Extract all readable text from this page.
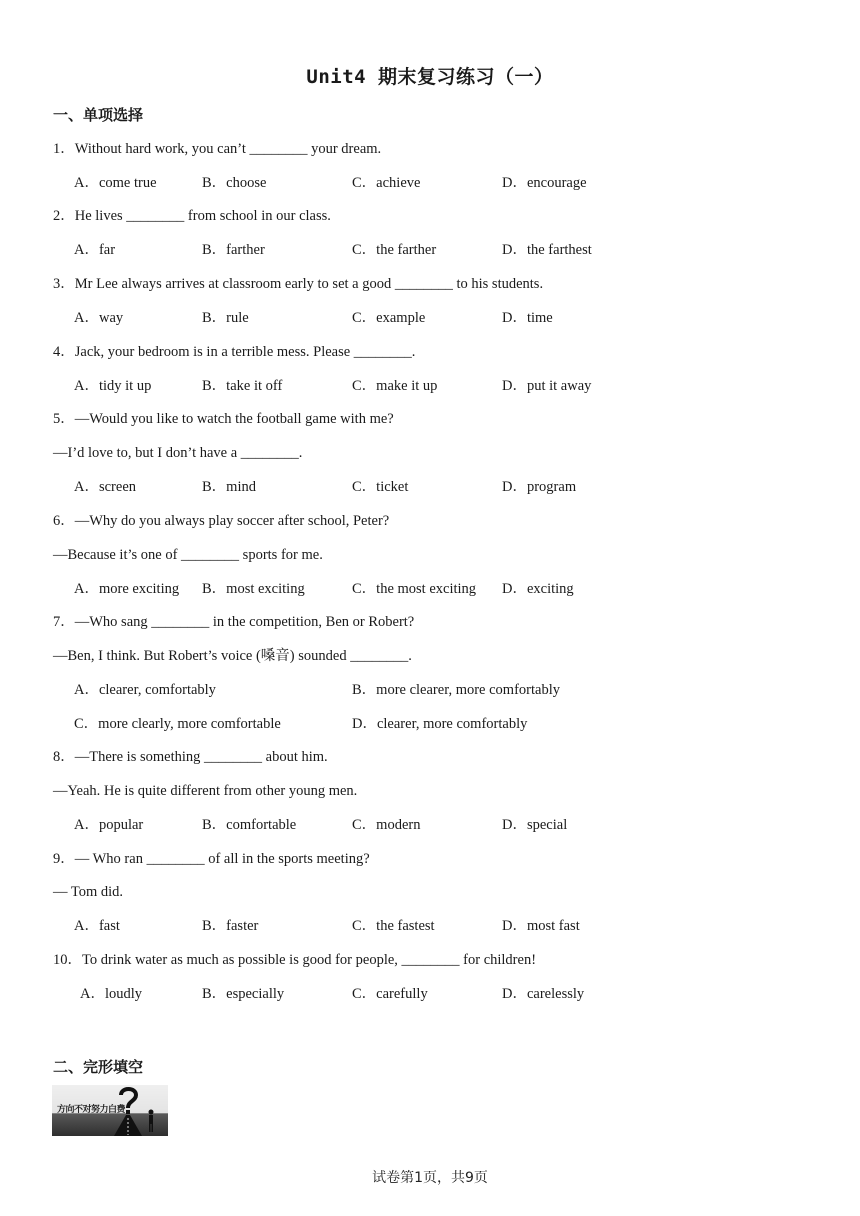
Unit4 期末复习练习（一）
一、单项选择
1．Without hard work, you can’t ________ your dream.
A．come true	B．choose	C．achieve	D．encourage
2．He lives ________ from school in our class.
A．far	B．farther	C．the farther	D．the farthest
3．Mr Lee always arrives at classroom early to set a good ________ to his students.
A．way	B．rule	C．example	D．time
4．Jack, your bedroom is in a terrible mess. Please ________.
A．tidy it up	B．take it off	C．make it up	D．put it away
5．—Would you like to watch the football game with me?
—I’d love to, but I don’t have a ________.
A．screen	B．mind	C．ticket	D．program
6．—Why do you always play soccer after school, Peter?
—Because it’s one of ________ sports for me.
A．more exciting B．most exciting	C．the most exciting D．exciting
7．—Who sang ________ in the competition, Ben or Robert?
—Ben, I think. But Robert’s voice (嗓音) sounded ________.
A．clearer, comfortably	B．more clearer, more comfortably
C．more clearly, more comfortable	D．clearer, more comfortably
8．—There is something ________ about him.
—Yeah. He is quite different from other young men.
A．popular	B．comfortable	C．modern	D．special
9．— Who ran ________ of all in the sports meeting?
— Tom did.
A．fast	B．faster	C．the fastest	D．most fast
10．To drink water as much as possible is good for people, ________ for children!
A．loudly	B．especially	C．carefully	D．carelessly
二、完形填空
方向不对努力白费
试卷第1页，共9页
